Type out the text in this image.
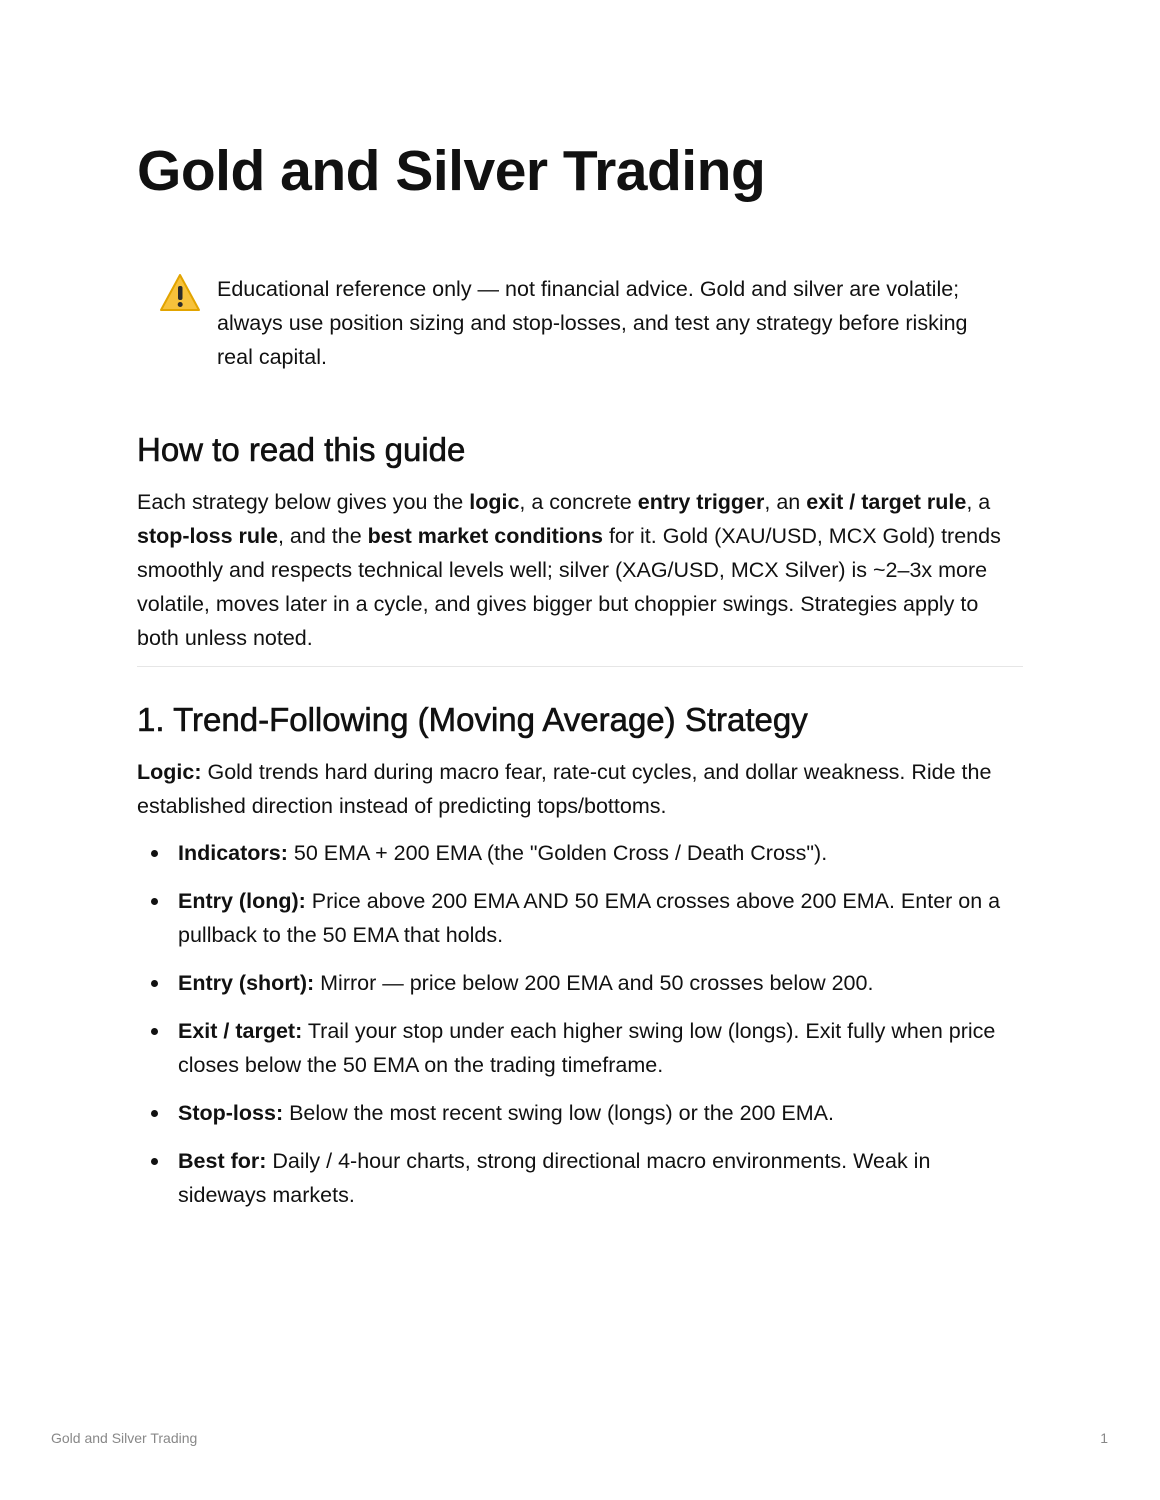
Gold and Silver Trading
Educational reference only — not financial advice. Gold and silver are volatile; always use position sizing and stop-losses, and test any strategy before risking real capital.
How to read this guide

Each strategy below gives you the logic, a concrete entry trigger, an exit / target rule, a stop-loss rule, and the best market conditions for it. Gold (XAU/USD, MCX Gold) trends smoothly and respects technical levels well; silver (XAG/USD, MCX Silver) is ~2–3x more volatile, moves later in a cycle, and gives bigger but choppier swings. Strategies apply to both unless noted.

1. Trend-Following (Moving Average) Strategy

Logic: Gold trends hard during macro fear, rate-cut cycles, and dollar weakness. Ride the established direction instead of predicting tops/bottoms.

Indicators: 50 EMA + 200 EMA (the "Golden Cross / Death Cross").
Entry (long): Price above 200 EMA AND 50 EMA crosses above 200 EMA. Enter on a pullback to the 50 EMA that holds.
Entry (short): Mirror — price below 200 EMA and 50 crosses below 200.
Exit / target: Trail your stop under each higher swing low (longs). Exit fully when price closes below the 50 EMA on the trading timeframe.
Stop-loss: Below the most recent swing low (longs) or the 200 EMA.
Best for: Daily / 4-hour charts, strong directional macro environments. Weak in sideways markets.
Gold and Silver Trading	1
